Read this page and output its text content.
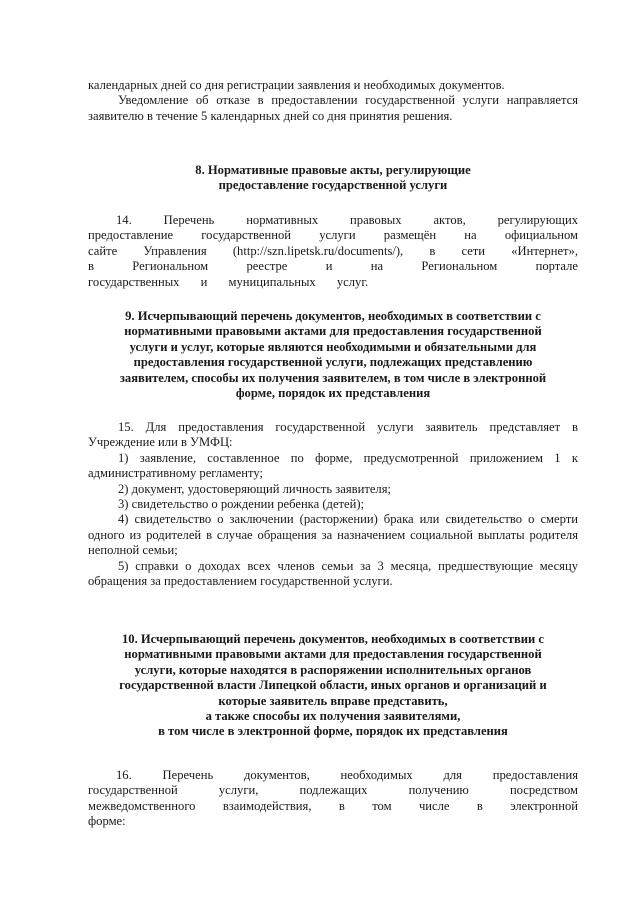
календарных дней со дня регистрации заявления и необходимых документов.

Уведомление об отказе в предоставлении государственной услуги направляется заявителю в течение 5 календарных дней со дня принятия решения.

8. Нормативные правовые акты, регулирующие

предоставление государственной услуги

14. Перечень нормативных правовых актов, регулирующих предоставление государственной услуги размещён на официальном сайте Управления (http://szn.lipetsk.ru/documents/), в сети «Интернет», в Региональном реестре и на Региональном портале государственных и муниципальных услуг.

9. Исчерпывающий перечень документов, необходимых в соответствии с

нормативными правовыми актами для предоставления государственной

услуги и услуг, которые являются необходимыми и обязательными для

предоставления государственной услуги, подлежащих представлению

заявителем, способы их получения заявителем, в том числе в электронной

форме, порядок их представления

15. Для предоставления государственной услуги заявитель представляет в Учреждение или в УМФЦ:

1) заявление, составленное по форме, предусмотренной приложением 1 к административному регламенту;

2) документ, удостоверяющий личность заявителя;

3) свидетельство о рождении ребенка (детей);

4) свидетельство о заключении (расторжении) брака или свидетельство о смерти одного из родителей в случае обращения за назначением социальной выплаты родителя неполной семьи;

5) справки о доходах всех членов семьи за 3 месяца, предшествующие месяцу обращения за предоставлением государственной услуги.

10. Исчерпывающий перечень документов, необходимых в соответствии с

нормативными правовыми актами для предоставления государственной

услуги, которые находятся в распоряжении исполнительных органов

государственной власти Липецкой области, иных органов и организаций и

которые заявитель вправе представить,

а также способы их получения заявителями,

в том числе в электронной форме, порядок их представления

16. Перечень документов, необходимых для предоставления государственной услуги, подлежащих получению посредством межведомственного взаимодействия, в том числе в электронной форме:
